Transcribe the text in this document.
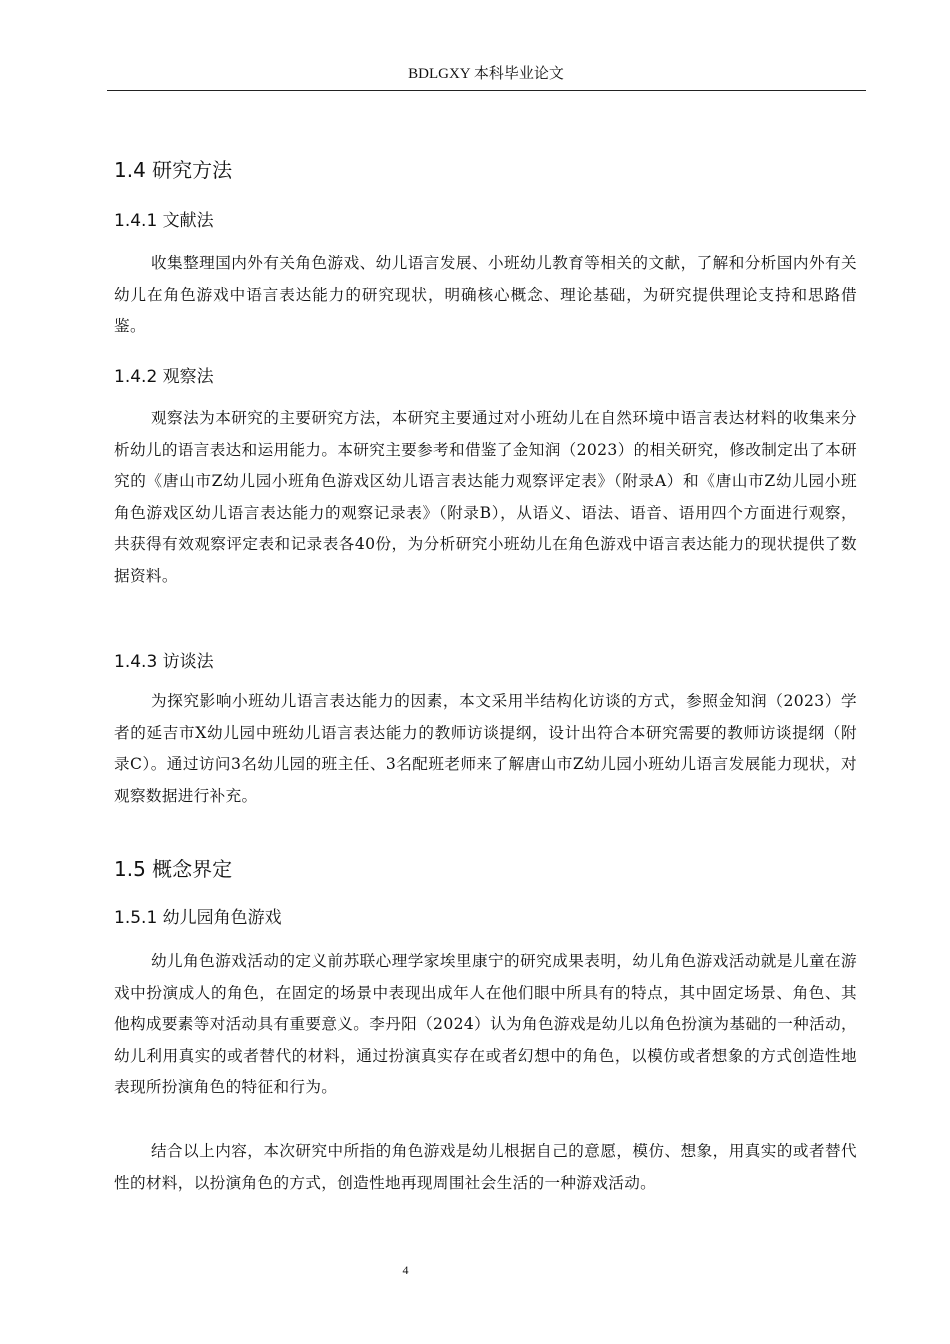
BDLGXY 本科毕业论文
1.4 研究方法
1.4.1 文献法

收集整理国内外有关角色游戏、幼儿语言发展、小班幼儿教育等相关的文献，了解和分析国内外有关幼儿在角色游戏中语言表达能力的研究现状，明确核心概念、理论基础，为研究提供理论支持和思路借鉴。

1.4.2 观察法

观察法为本研究的主要研究方法，本研究主要通过对小班幼儿在自然环境中语言表达材料的收集来分析幼儿的语言表达和运用能力。本研究主要参考和借鉴了金知润（2023）的相关研究，修改制定出了本研究的《唐山市Z幼儿园小班角色游戏区幼儿语言表达能力观察评定表》（附录A）和《唐山市Z幼儿园小班角色游戏区幼儿语言表达能力的观察记录表》（附录B），从语义、语法、语音、语用四个方面进行观察，共获得有效观察评定表和记录表各40份，为分析研究小班幼儿在角色游戏中语言表达能力的现状提供了数据资料。

1.4.3 访谈法

为探究影响小班幼儿语言表达能力的因素，本文采用半结构化访谈的方式，参照金知润（2023）学者的延吉市X幼儿园中班幼儿语言表达能力的教师访谈提纲，设计出符合本研究需要的教师访谈提纲（附录C）。通过访问3名幼儿园的班主任、3名配班老师来了解唐山市Z幼儿园小班幼儿语言发展能力现状，对观察数据进行补充。

1.5 概念界定
1.5.1 幼儿园角色游戏

幼儿角色游戏活动的定义前苏联心理学家埃里康宁的研究成果表明，幼儿角色游戏活动就是儿童在游戏中扮演成人的角色，在固定的场景中表现出成年人在他们眼中所具有的特点，其中固定场景、角色、其他构成要素等对活动具有重要意义。李丹阳（2024）认为角色游戏是幼儿以角色扮演为基础的一种活动，幼儿利用真实的或者替代的材料，通过扮演真实存在或者幻想中的角色，以模仿或者想象的方式创造性地表现所扮演角色的特征和行为。

结合以上内容，本次研究中所指的角色游戏是幼儿根据自己的意愿，模仿、想象，用真实的或者替代性的材料，以扮演角色的方式，创造性地再现周围社会生活的一种游戏活动。

4
